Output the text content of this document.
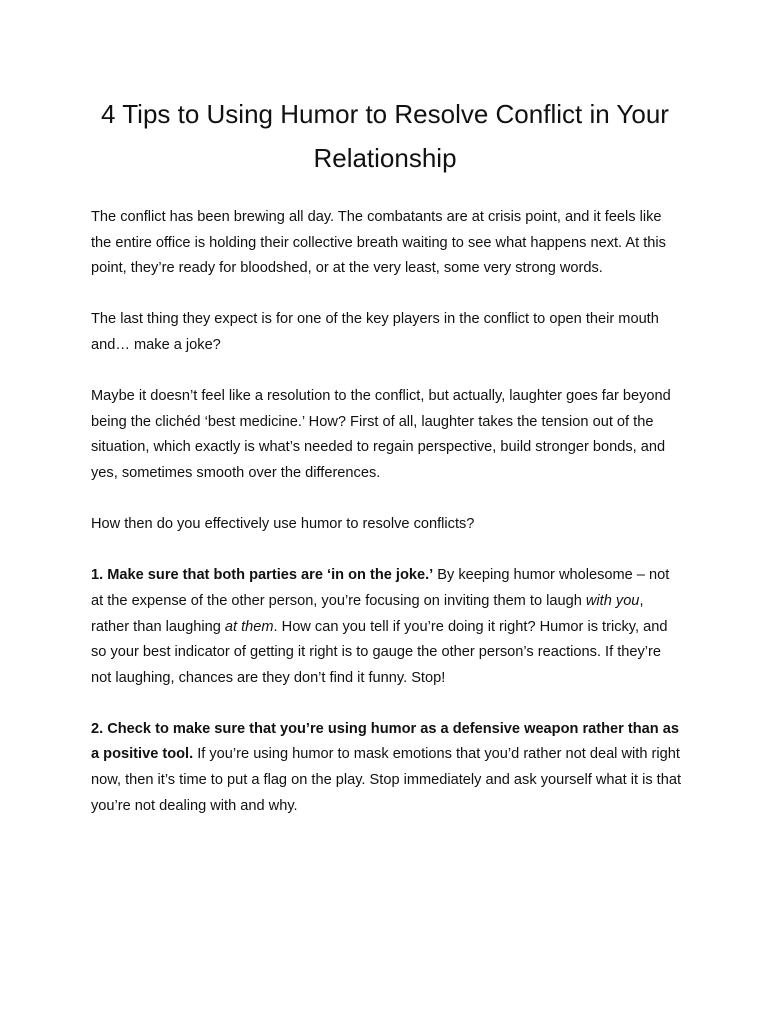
4 Tips to Using Humor to Resolve Conflict in Your Relationship

The conflict has been brewing all day. The combatants are at crisis point, and it feels like the entire office is holding their collective breath waiting to see what happens next. At this point, they’re ready for bloodshed, or at the very least, some very strong words.

The last thing they expect is for one of the key players in the conflict to open their mouth and… make a joke?

Maybe it doesn’t feel like a resolution to the conflict, but actually, laughter goes far beyond being the clichéd ‘best medicine.’ How? First of all, laughter takes the tension out of the situation, which exactly is what’s needed to regain perspective, build stronger bonds, and yes, sometimes smooth over the differences.

How then do you effectively use humor to resolve conflicts?

1. Make sure that both parties are ‘in on the joke.’ By keeping humor wholesome – not at the expense of the other person, you’re focusing on inviting them to laugh with you, rather than laughing at them. How can you tell if you’re doing it right? Humor is tricky, and so your best indicator of getting it right is to gauge the other person’s reactions. If they’re not laughing, chances are they don’t find it funny. Stop!

2. Check to make sure that you’re using humor as a defensive weapon rather than as a positive tool. If you’re using humor to mask emotions that you’d rather not deal with right now, then it’s time to put a flag on the play. Stop immediately and ask yourself what it is that you’re not dealing with and why.
